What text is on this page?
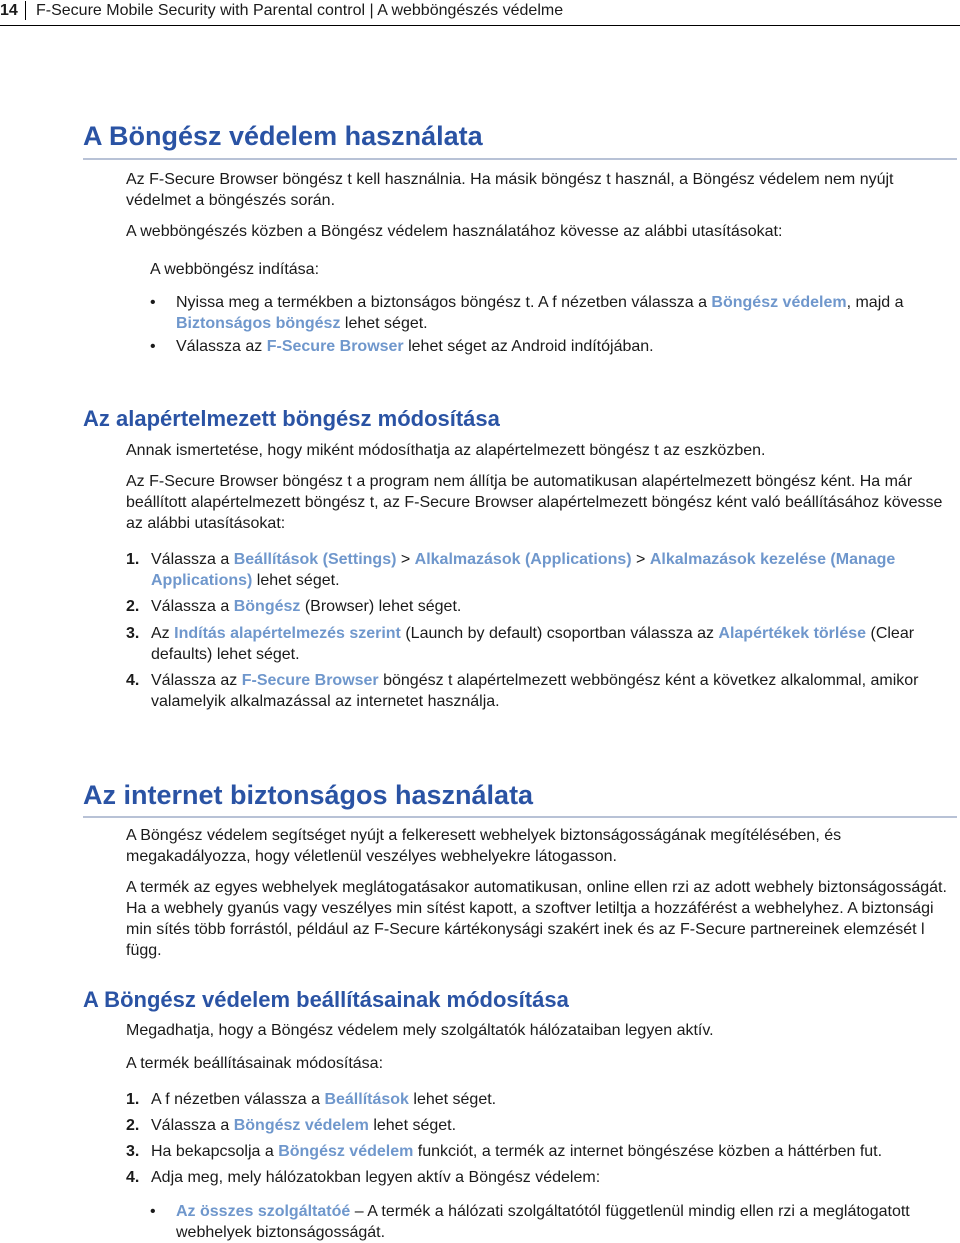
14 F-Secure Mobile Security with Parental control | A webböngészés védelme
A Böngész védelem használata

Az F-Secure Browser böngész t kell használnia. Ha másik böngész t használ, a Böngész védelem nem nyújt védelmet a böngészés során.

A webböngészés közben a Böngész védelem használatához kövesse az alábbi utasításokat:

A webböngész indítása:

• Nyissa meg a termékben a biztonságos böngész t. A f nézetben válassza a Böngész védelem, majd a Biztonságos böngész lehet séget.
• Válassza az F-Secure Browser lehet séget az Android indítójában.
Az alapértelmezett böngész módosítása

Annak ismertetése, hogy miként módosíthatja az alapértelmezett böngész t az eszközben.

Az F-Secure Browser böngész t a program nem állítja be automatikusan alapértelmezett böngész ként. Ha már beállított alapértelmezett böngész t, az F-Secure Browser alapértelmezett böngész ként való beállításához kövesse az alábbi utasításokat:

1. Válassza a Beállítások (Settings) > Alkalmazások (Applications) > Alkalmazások kezelése (Manage Applications) lehet séget.
2. Válassza a Böngész (Browser) lehet séget.
3. Az Indítás alapértelmezés szerint (Launch by default) csoportban válassza az Alapértékek törlése (Clear defaults) lehet séget.
4. Válassza az F-Secure Browser böngész t alapértelmezett webböngész ként a következ alkalommal, amikor valamelyik alkalmazással az internetet használja.
Az internet biztonságos használata

A Böngész védelem segítséget nyújt a felkeresett webhelyek biztonságosságának megítélésében, és megakadályozza, hogy véletlenül veszélyes webhelyekre látogasson.

A termék az egyes webhelyek meglátogatásakor automatikusan, online ellen rzi az adott webhely biztonságosságát. Ha a webhely gyanús vagy veszélyes min sítést kapott, a szoftver letiltja a hozzáférést a webhelyhez. A biztonsági min sítés több forrástól, például az F-Secure kártékonysági szakért inek és az F-Secure partnereinek elemzését l függ.

A Böngész védelem beállításainak módosítása

Megadhatja, hogy a Böngész védelem mely szolgáltatók hálózataiban legyen aktív.

A termék beállításainak módosítása:

1. A f nézetben válassza a Beállítások lehet séget.
2. Válassza a Böngész védelem lehet séget.
3. Ha bekapcsolja a Böngész védelem funkciót, a termék az internet böngészése közben a háttérben fut.
4. Adja meg, mely hálózatokban legyen aktív a Böngész védelem:
• Az összes szolgáltatóé – A termék a hálózati szolgáltatótól függetlenül mindig ellen rzi a meglátogatott webhelyek biztonságosságát.
